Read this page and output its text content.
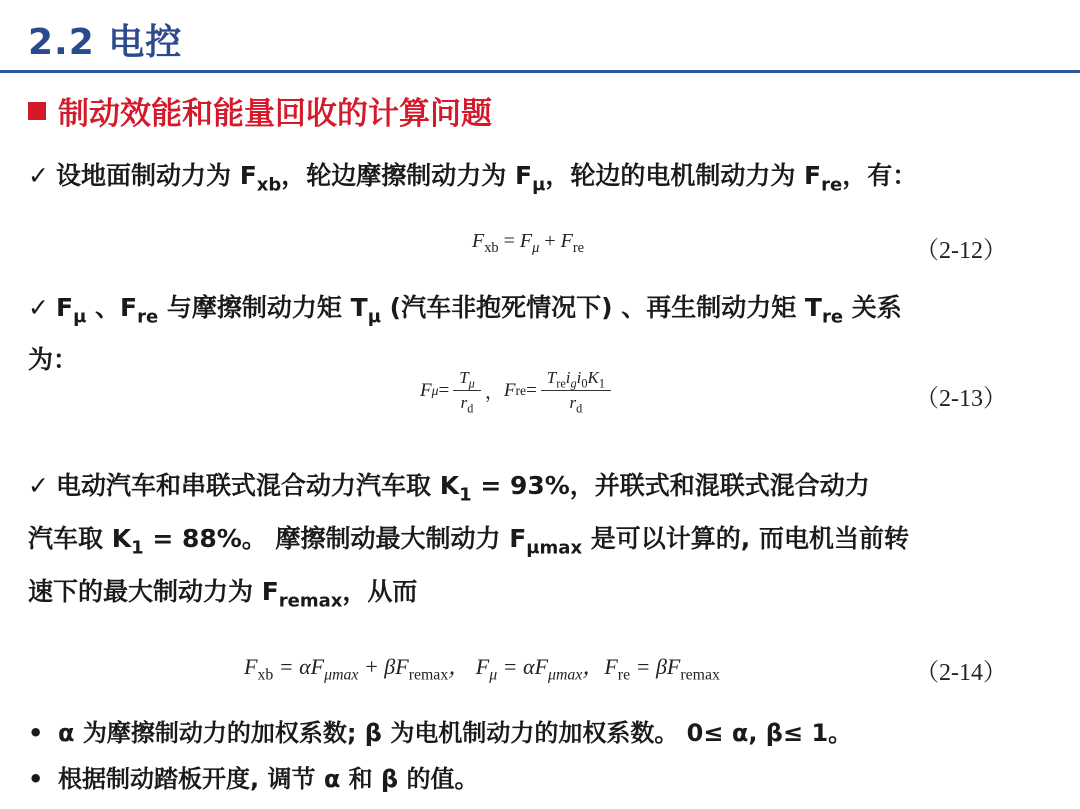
2.2 电控
制动效能和能量回收的计算问题
✓ 设地面制动力为 $F_{xb}$，轮边摩擦制动力为 $F_\mu$，轮边的电机制动力为 $F_{re}$，有：
$F_{xb} = F_\mu + F_{re}$	（2-12）
✓ $F_\mu$ 、$F_{re}$ 与摩擦制动力矩 $T_\mu$ (汽车非抱死情况下) 、再生制动力矩 $T_{re}$ 关系
为：
F $\mu = \frac{T_\mu}{r_d}$ ， F re = $\frac{T_{re}i_gi_0K_1}{r_d}$	（2-13）
✓ 电动汽车和串联式混合动力汽车取 $K_1 = 93\%$，并联式和混联式混合动力
汽车取 $K_1 = 88\%$。 摩擦制动最大制动力 $F_{\mu max}$ 是可以计算的, 而电机当前转
速下的最大制动力为 $F_{remax}$，从而
$F_{xb} = \alpha F_{\mu max} + \beta F_{remax}$， $F_\mu = \alpha F_{\mu max}$，$F_{re} = \beta F_{remax}$	（2-14）
• α 为摩擦制动力的加权系数; β 为电机制动力的加权系数。 0≤ α, β≤ 1。
• 根据制动踏板开度, 调节 α 和 β 的值。
